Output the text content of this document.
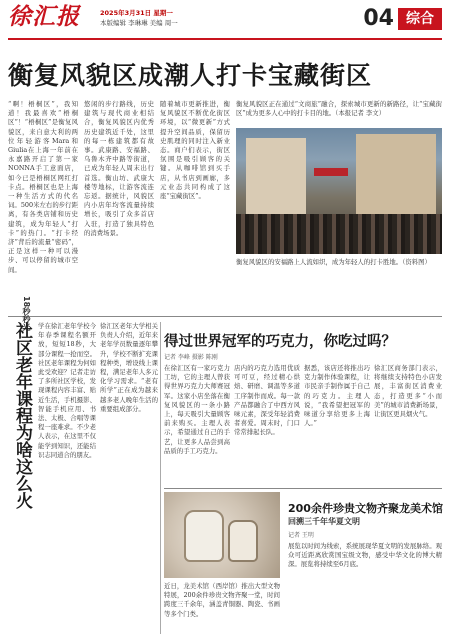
徐汇报	2025年3月31日 星期一
本版编辑 李琳琳 美编 周一	04 综合
衡复风貌区成潮人打卡宝藏街区
“啊！梧桐区”，我知道！我最喜欢“梧桐区”！“梧桐区”是衡复风貌区，来自意大利的两位年轻游客Mara和Giulia在上海一年前在永嘉路开启了第一家NONNA手工意面店，如今已是梧桐区网红打卡点。梧桐区也是上海一种生活方式的代名词。500米左右的步行距离，有各类店铺和历史建筑，成为年轻人“打卡”的热门。“打卡经济”背后的流量“密码”，正是这样一种可以漫步、可以停留的城市空间。
悠闲的步行路线，历史建筑与现代商业相结合，衡复风貌区内优秀历史建筑近千处，这里的每一栋建筑都有故事。武康路、安福路、乌鲁木齐中路等街道，已成为年轻人周末出行首选。衡山坊、武康大楼等地标，让游客流连忘返。据统计，风貌区内小店年均客流量持续增长，吸引了众多首店入驻，打造了独具特色的消费场景。
随着城市更新推进，衡复风貌区不断优化街区环境，以“微更新”方式提升空间品质，保留历史肌理的同时注入新业态。商户们表示，街区氛围是吸引顾客的关键。从咖啡馆到买手店，从书店到画廊，多元业态共同构成了这座“宝藏街区”。
衡复风貌区正在通过“文商旅”融合，探索城市更新的新路径，让“宝藏街区”成为更多人心中的打卡目的地。（本报记者 李文）
衡复风貌区的安福路上人流如织，成为年轻人的打卡胜地。（资料图）
18秒秒光
社区老年课程为啥这么火 学在徐汇老年学校今年春季课程名额开放，短短18秒，大部分课程一抢而空。社区老年课程为何如此受欢迎？记者走访了多所社区学校，发现课程内容丰富、贴近生活，手机摄影、智能手机应用、书法、太极、合唱等课程一座难求。不少老人表示，在这里不仅能学到知识，还能结识志同道合的朋友。
徐汇区老年大学相关负责人介绍，近年来老年学员数量逐年攀升，学校不断扩充课程种类，增设线上课程，满足老年人多元化学习需求。“老有所学”正在成为越来越多老人晚年生活的重要组成部分。
得过世界冠军的巧克力，你吃过吗？
记者 李峰 摄影 陈刚
在徐汇区有一家巧克力工坊，它的主理人曾获得世界巧克力大师赛冠军。这家小店坐落在衡复风貌区的一条小路上，每天吸引大量顾客前来购买。主理人表示，希望通过自己的手艺，让更多人品尝到高品质的手工巧克力。
店内的巧克力选用优质可可豆，经过精心烘焙、研磨、调温等多道工序制作而成。每一款产品都融合了中西方风味元素，深受年轻消费者喜爱。周末时，门口常常排起长队。
据悉，该店还将推出巧克力制作体验课程，让市民亲手制作属于自己的巧克力。主理人说，“我希望把冠军的味道分享给更多上海人。”
徐汇区商务部门表示，将继续支持特色小店发展，丰富街区消费业态，打造更多“小而美”的城市消费新场景，让街区更具烟火气。
近日，龙美术馆（西岸馆）推出大型文物特展，200余件珍贵文物齐聚一堂，时间跨度三千余年，涵盖青铜器、陶瓷、书画等多个门类。
200余件珍贵文物齐聚龙美术馆
回溯三千年华夏文明
记者 王明
展览以时间为线索，系统展现华夏文明的发展脉络。观众可近距离欣赏国宝级文物，感受中华文化的博大精深。展览将持续至6月底。
